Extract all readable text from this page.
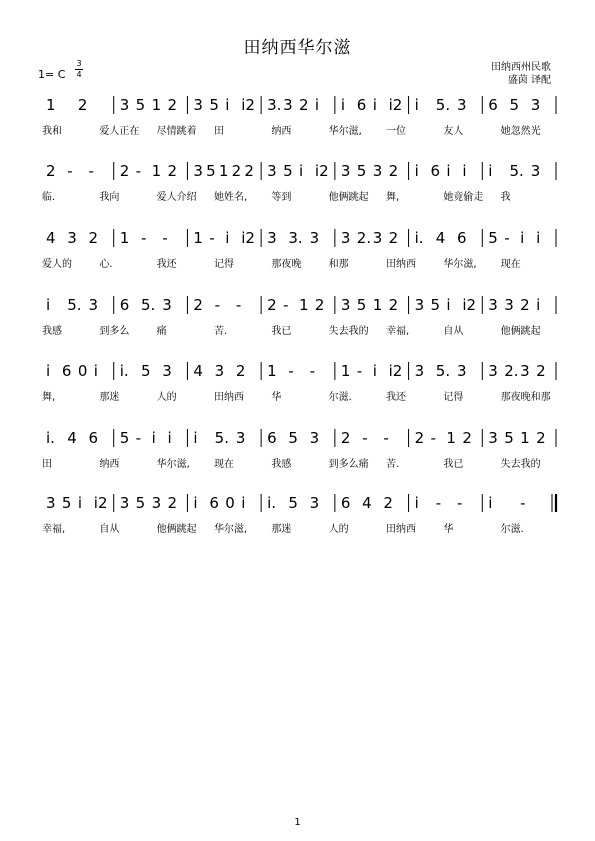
田纳西华尔滋
田纳西州民歌
盛茵 译配
1= C
3
4
1 2 3 5 1 2 3 5 i i2 3. 3 2 i i 6 i i2 i 5. 3 6 5 3
我和	爱人正在 尽情跳着 田	纳西	华尔滋, 一位	友人	她忽然光
2 - - 2 - 1 2 3 5 1 2 2 3 5 i i2 3 5 3 2 i 6 i i i 5. 3
临.	我向	爱人介绍 她姓名, 等到	他俩跳起 舞,	她竟偷走 我
4 3 2 1 - - 1 - i i2 3 3. 3 3 2. 3 2 i. 4 6 5 - i i
爱人的	心.	我还	记得	那夜晚	和那	田纳西	华尔滋, 现在
i 5. 3 6 5. 3 2 - - 2 - 1 2 3 5 1 2 3 5 i i2 3 3 2 i
我感	到多么	痛	苦.	我已	失去我的 幸福,	自从	他俩跳起
i 6 0 i i. 5 3 4 3 2 1 - - 1 - i i2 3 5. 3 3 2. 3 2
舞,	那迷	人的	田纳西	华	尔滋.	我还	记得	那夜晚和那
i. 4 6 5 - i i i 5. 3 6 5 3 2 - - 2 - 1 2 3 5 1 2
田	纳西	华尔滋, 现在	我感	到多么痛 苦.	我已	失去我的
3 5 i i2 3 5 3 2 i 6 0 i i. 5 3 6 4 2 i - - i -
幸福,	自从	他俩跳起 华尔滋, 那迷	人的	田纳西	华	尔滋.
1
